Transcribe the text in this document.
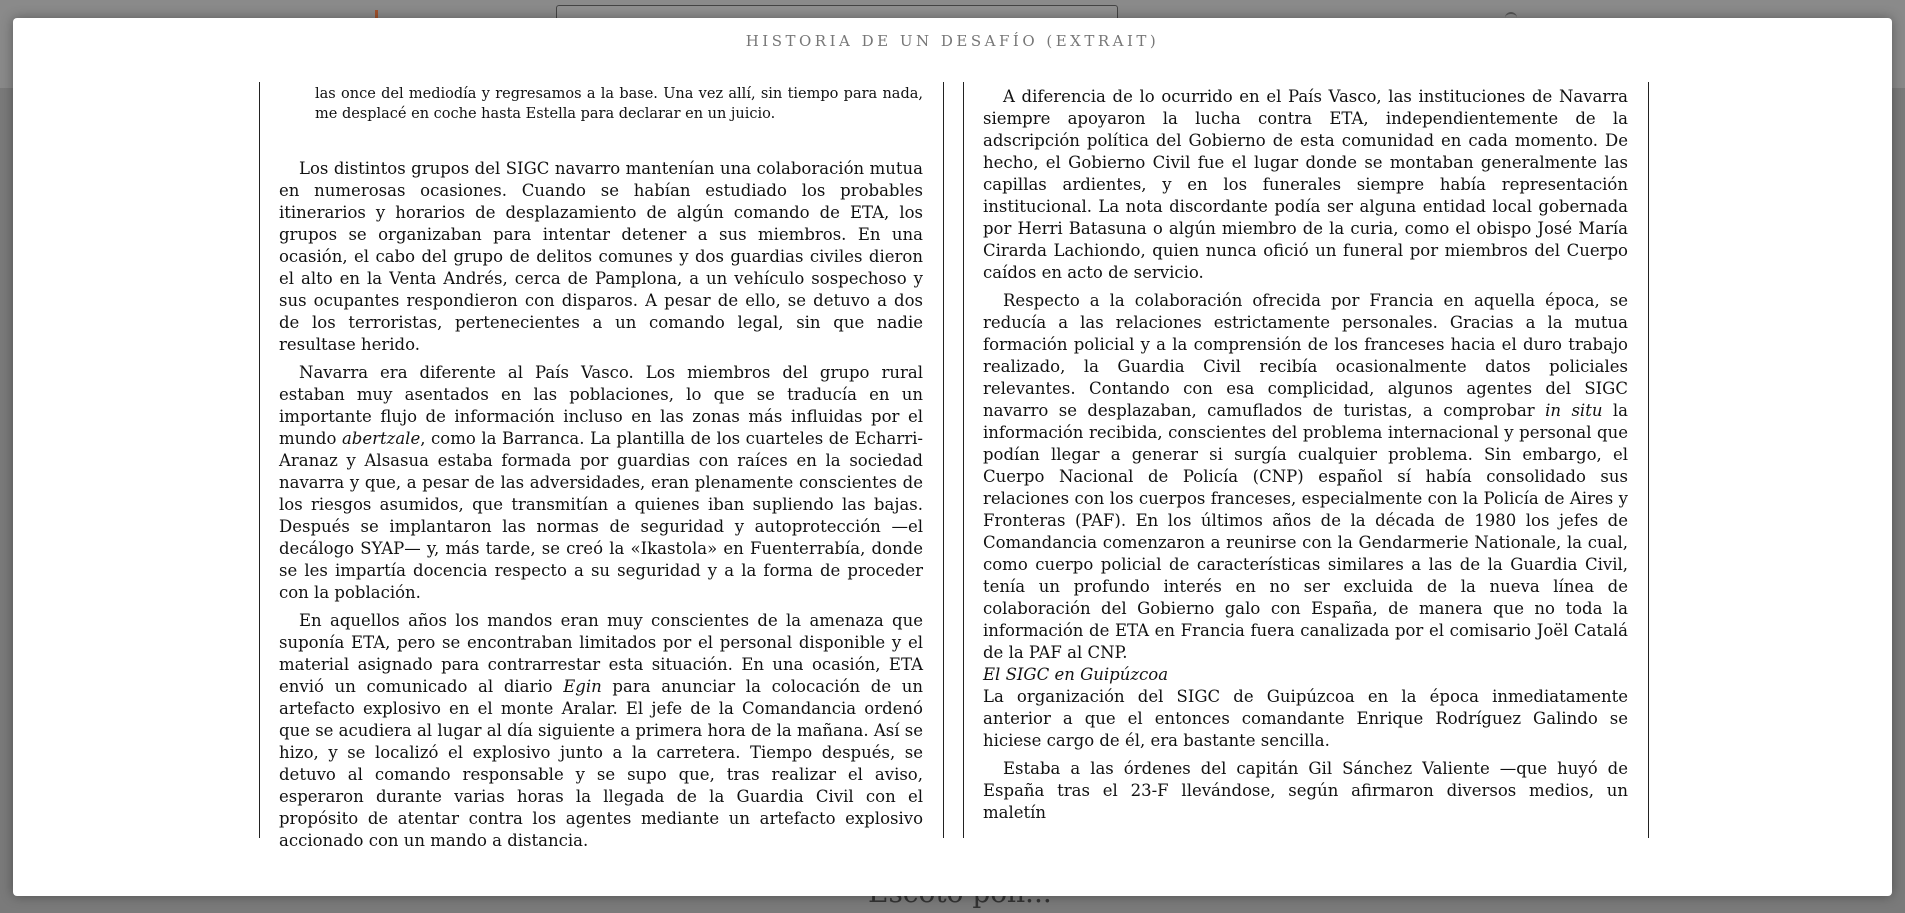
HISTORIA DE UN DESAFÍO (EXTRAIT)
las once del mediodía y regresamos a la base. Una vez allí, sin tiempo para nada, me desplacé en coche hasta Estella para declarar en un juicio.

Los distintos grupos del SIGC navarro mantenían una colaboración mutua en numerosas ocasiones. Cuando se habían estudiado los probables itinerarios y horarios de desplazamiento de algún comando de ETA, los grupos se organizaban para intentar detener a sus miembros. En una ocasión, el cabo del grupo de delitos comunes y dos guardias civiles dieron el alto en la Venta Andrés, cerca de Pamplona, a un vehículo sospechoso y sus ocupantes respondieron con disparos. A pesar de ello, se detuvo a dos de los terroristas, pertenecientes a un comando legal, sin que nadie resultase herido.

Navarra era diferente al País Vasco. Los miembros del grupo rural estaban muy asentados en las poblaciones, lo que se traducía en un importante flujo de información incluso en las zonas más influidas por el mundo abertzale, como la Barranca. La plantilla de los cuarteles de Echarri-Aranaz y Alsasua estaba formada por guardias con raíces en la sociedad navarra y que, a pesar de las adversidades, eran plenamente conscientes de los riesgos asumidos, que transmitían a quienes iban supliendo las bajas. Después se implantaron las normas de seguridad y autoprotección —el decálogo SYAP— y, más tarde, se creó la «Ikastola» en Fuenterrabía, donde se les impartía docencia respecto a su seguridad y a la forma de proceder con la población.

En aquellos años los mandos eran muy conscientes de la amenaza que suponía ETA, pero se encontraban limitados por el personal disponible y el material asignado para contrarrestar esta situación. En una ocasión, ETA envió un comunicado al diario Egin para anunciar la colocación de un artefacto explosivo en el monte Aralar. El jefe de la Comandancia ordenó que se acudiera al lugar al día siguiente a primera hora de la mañana. Así se hizo, y se localizó el explosivo junto a la carretera. Tiempo después, se detuvo al comando responsable y se supo que, tras realizar el aviso, esperaron durante varias horas la llegada de la Guardia Civil con el propósito de atentar contra los agentes mediante un artefacto explosivo accionado con un mando a distancia.

A diferencia de lo ocurrido en el País Vasco, las instituciones de Navarra siempre apoyaron la lucha contra ETA, independientemente de la adscripción política del Gobierno de esta comunidad en cada momento. De hecho, el Gobierno Civil fue el lugar donde se montaban generalmente las capillas ardientes, y en los funerales siempre había representación institucional. La nota discordante podía ser alguna entidad local gobernada por Herri Batasuna o algún miembro de la curia, como el obispo José María Cirarda Lachiondo, quien nunca ofició un funeral por miembros del Cuerpo caídos en acto de servicio.

Respecto a la colaboración ofrecida por Francia en aquella época, se reducía a las relaciones estrictamente personales. Gracias a la mutua formación policial y a la comprensión de los franceses hacia el duro trabajo realizado, la Guardia Civil recibía ocasionalmente datos policiales relevantes. Contando con esa complicidad, algunos agentes del SIGC navarro se desplazaban, camuflados de turistas, a comprobar in situ la información recibida, conscientes del problema internacional y personal que podían llegar a generar si surgía cualquier problema. Sin embargo, el Cuerpo Nacional de Policía (CNP) español sí había consolidado sus relaciones con los cuerpos franceses, especialmente con la Policía de Aires y Fronteras (PAF). En los últimos años de la década de 1980 los jefes de Comandancia comenzaron a reunirse con la Gendarmerie Nationale, la cual, como cuerpo policial de características similares a las de la Guardia Civil, tenía un profundo interés en no ser excluida de la nueva línea de colaboración del Gobierno galo con España, de manera que no toda la información de ETA en Francia fuera canalizada por el comisario Joël Catalá de la PAF al CNP.

El SIGC en Guipúzcoa

La organización del SIGC de Guipúzcoa en la época inmediatamente anterior a que el entonces comandante Enrique Rodríguez Galindo se hiciese cargo de él, era bastante sencilla.

Estaba a las órdenes del capitán Gil Sánchez Valiente —que huyó de España tras el 23-F llevándose, según afirmaron diversos medios, un maletín
